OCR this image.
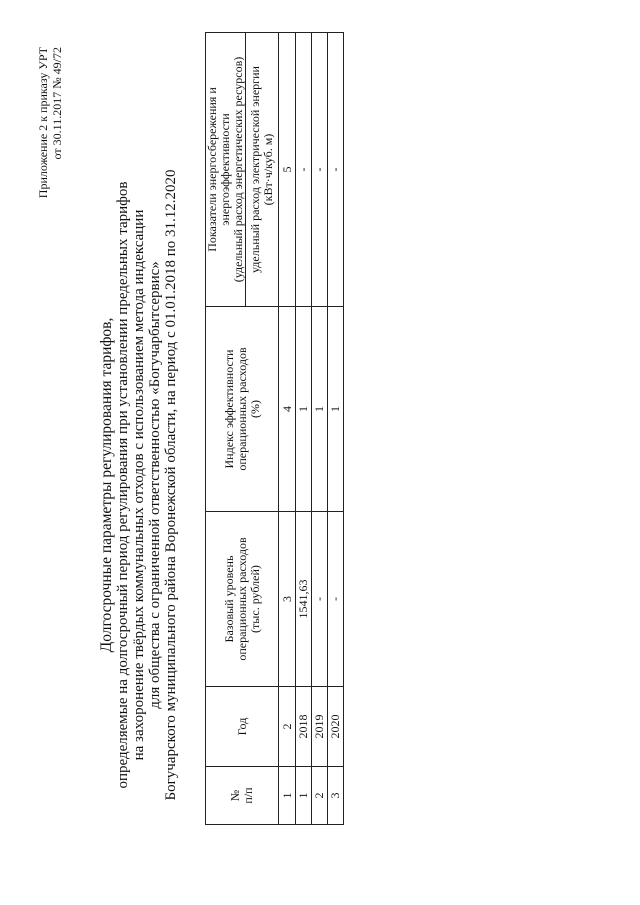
Приложение 2 к приказу УРТ от 30.11.2017 № 49/72
Долгосрочные параметры регулирования тарифов, определяемые на долгосрочный период регулирования при установлении предельных тарифов на захоронение твёрдых коммунальных отходов с использованием метода индексации для общества с ограниченной ответственностью «Богучарбытсервис» Богучарского муниципального района Воронежской области, на период с 01.01.2018 по 31.12.2020	№ п/п	Год	Базовый уровень операционных расходов (тыс. рублей)	Индекс эффективности операционных расходов (%)	Показатели энергосбережения и энергоэффективности (удельный расход энергетических ресурсов)

				удельный расход электрической энергии (кВт·ч/куб. м)

1	2	3	4	5
1	2018	1541,63	1	-
2	2019	-	1	-
3	2020	-	1	-
